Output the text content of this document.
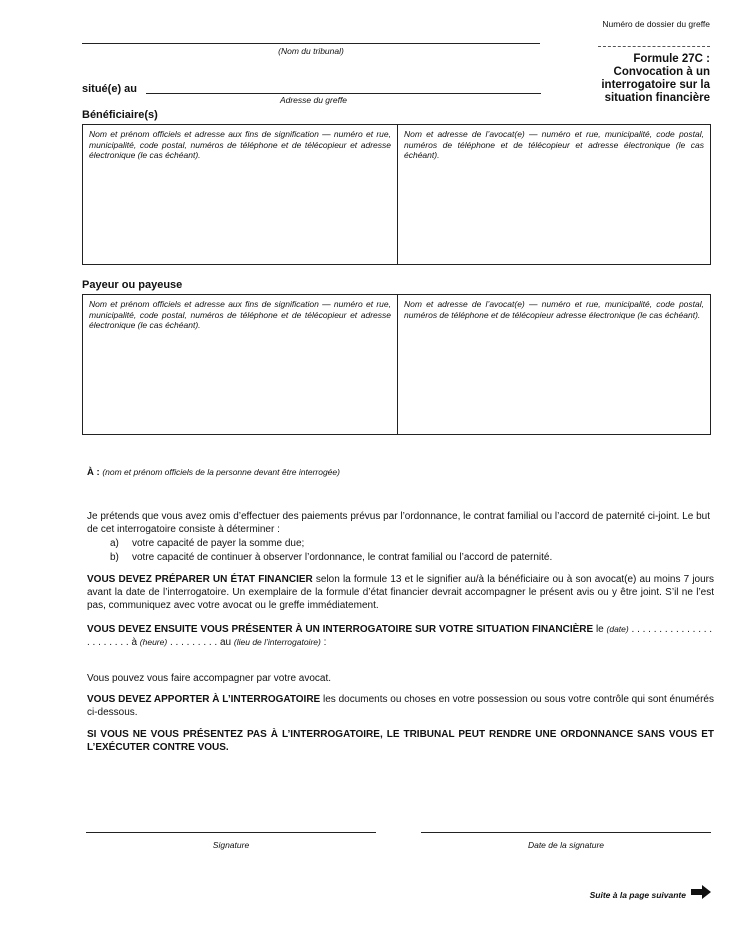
Numéro de dossier du greffe
(Nom du tribunal)
situé(e) au
Adresse du greffe
Formule 27C :
Convocation à un
interrogatoire sur la
situation financière
Bénéficiaire(s)
Nom et prénom officiels et adresse aux fins de signification — numéro et rue, municipalité, code postal, numéros de téléphone et de télécopieur et adresse électronique (le cas échéant).
Nom et adresse de l’avocat(e) — numéro et rue, municipalité, code postal, numéros de téléphone et de télécopieur et adresse électronique (le cas échéant).
Payeur ou payeuse
Nom et prénom officiels et adresse aux fins de signification — numéro et rue, municipalité, code postal, numéros de téléphone et de télécopieur et adresse électronique (le cas échéant).
Nom et adresse de l’avocat(e) — numéro et rue, municipalité, code postal, numéros de téléphone et de télécopieur adresse électronique (le cas échéant).
À : (nom et prénom officiels de la personne devant être interrogée)
Je prétends que vous avez omis d’effectuer des paiements prévus par l’ordonnance, le contrat familial ou l’accord de paternité ci-joint. Le but de cet interrogatoire consiste à déterminer :
a) votre capacité de payer la somme due;
b) votre capacité de continuer à observer l’ordonnance, le contrat familial ou l’accord de paternité.
VOUS DEVEZ PRÉPARER UN ÉTAT FINANCIER selon la formule 13 et le signifier au/à la bénéficiaire ou à son avocat(e) au moins 7 jours avant la date de l’interrogatoire. Un exemplaire de la formule d’état financier devrait accompagner le présent avis ou y être joint. S’il ne l’est pas, communiquez avec votre avocat ou le greffe immédiatement.
VOUS DEVEZ ENSUITE VOUS PRÉSENTER À UN INTERROGATOIRE SUR VOTRE SITUATION FINANCIÈRE le (date) . . . . . . . . . . . . . . . . . . . . . . . à (heure) . . . . . . . . . au (lieu de l’interrogatoire) :
Vous pouvez vous faire accompagner par votre avocat.
VOUS DEVEZ APPORTER À L’INTERROGATOIRE les documents ou choses en votre possession ou sous votre contrôle qui sont énumérés ci-dessous.
SI VOUS NE VOUS PRÉSENTEZ PAS À L’INTERROGATOIRE, LE TRIBUNAL PEUT RENDRE UNE ORDONNANCE SANS VOUS ET L’EXÉCUTER CONTRE VOUS.
Signature	Date de la signature
Suite à la page suivante
